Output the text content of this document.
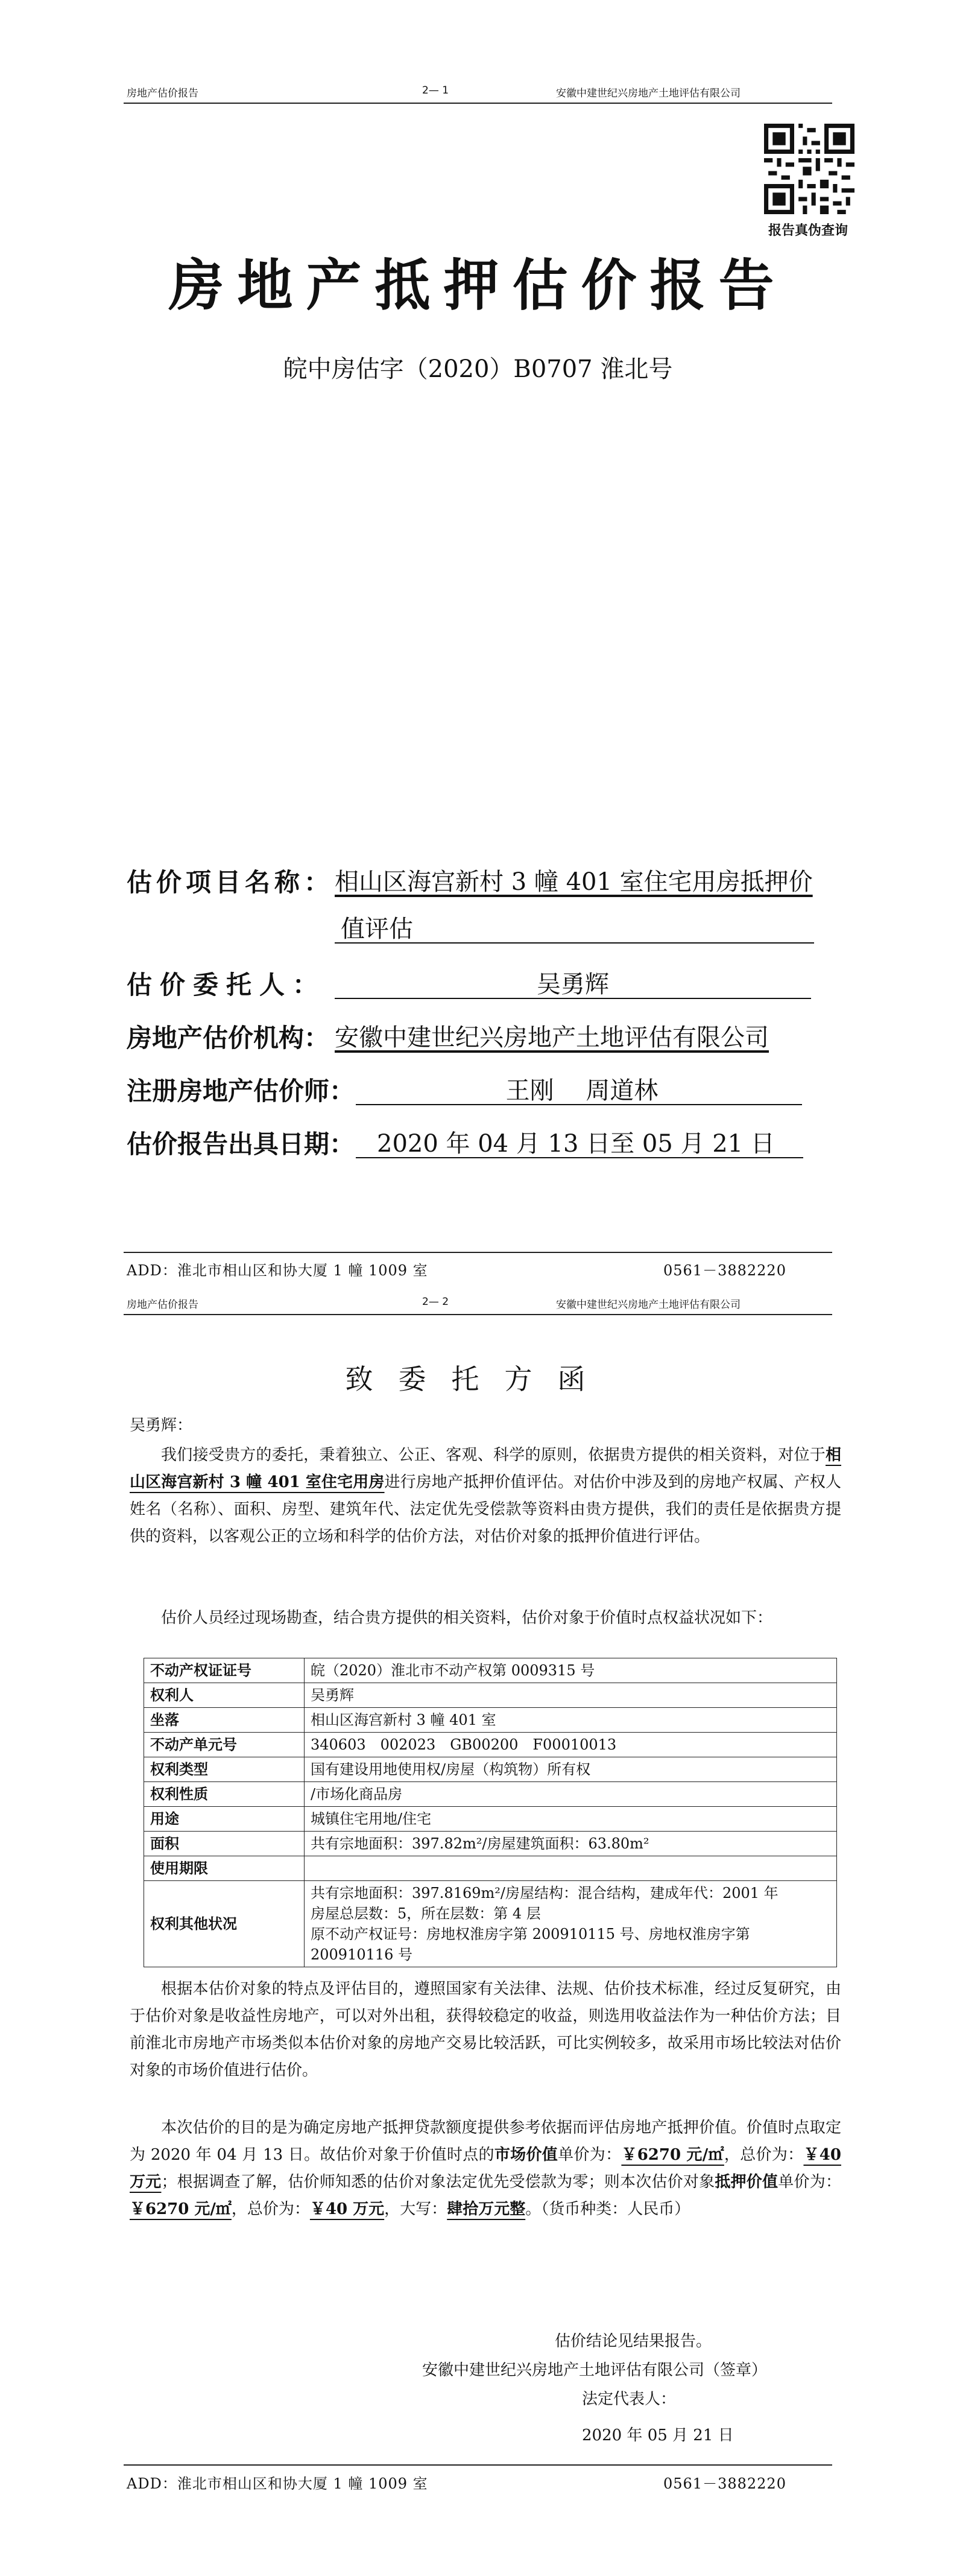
房地产估价报告	2— 1	安徽中建世纪兴房地产土地评估有限公司
报告真伪查询
房地产抵押估价报告
皖中房估字（2020）B0707 淮北号
估价项目名称： 相山区海宫新村 3 幢 401 室住宅用房抵押价
值评估
估价委托人：	吴勇辉
房地产估价机构： 安徽中建世纪兴房地产土地评估有限公司
注册房地产估价师：	王刚　 周道林
估价报告出具日期： 2020 年 04 月 13 日至 05 月 21 日
ADD：淮北市相山区和协大厦 1 幢 1009 室	0561－3882220
房地产估价报告	2— 2	安徽中建世纪兴房地产土地评估有限公司
致委托方函
吴勇辉：
我们接受贵方的委托，秉着独立、公正、客观、科学的原则，依据贵方提供的相关资料，对位于相山区海宫新村 3 幢 401 室住宅用房进行房地产抵押价值评估。对估价中涉及到的房地产权属、产权人姓名（名称）、面积、房型、建筑年代、法定优先受偿款等资料由贵方提供，我们的责任是依据贵方提供的资料，以客观公正的立场和科学的估价方法，对估价对象的抵押价值进行评估。
估价人员经过现场勘查，结合贵方提供的相关资料，估价对象于价值时点权益状况如下：
不动产权证证号	皖（2020）淮北市不动产权第 0009315 号
权利人	吴勇辉
坐落	相山区海宫新村 3 幢 401 室
不动产单元号	340603　002023　GB00200　F00010013
权利类型	国有建设用地使用权/房屋（构筑物）所有权
权利性质	/市场化商品房
用途	城镇住宅用地/住宅
面积	共有宗地面积：397.82m²/房屋建筑面积：63.80m²
使用期限	
权利其他状况	共有宗地面积：397.8169m²/房屋结构：混合结构，建成年代：2001 年
房屋总层数：5，所在层数：第 4 层
原不动产权证号：房地权淮房字第 200910115 号、房地权淮房字第
200910116 号
根据本估价对象的特点及评估目的，遵照国家有关法律、法规、估价技术标准，经过反复研究，由于估价对象是收益性房地产，可以对外出租，获得较稳定的收益，则选用收益法作为一种估价方法；目前淮北市房地产市场类似本估价对象的房地产交易比较活跃，可比实例较多，故采用市场比较法对估价对象的市场价值进行估价。
本次估价的目的是为确定房地产抵押贷款额度提供参考依据而评估房地产抵押价值。价值时点取定为 2020 年 04 月 13 日。故估价对象于价值时点的市场价值单价为：￥6270 元/㎡，总价为：￥40 万元；根据调查了解，估价师知悉的估价对象法定优先受偿款为零；则本次估价对象抵押价值单价为：￥6270 元/㎡，总价为：￥40 万元，大写：肆拾万元整。（货币种类：人民币）
估价结论见结果报告。
安徽中建世纪兴房地产土地评估有限公司（签章）
法定代表人：
2020 年 05 月 21 日
ADD：淮北市相山区和协大厦 1 幢 1009 室	0561－3882220
